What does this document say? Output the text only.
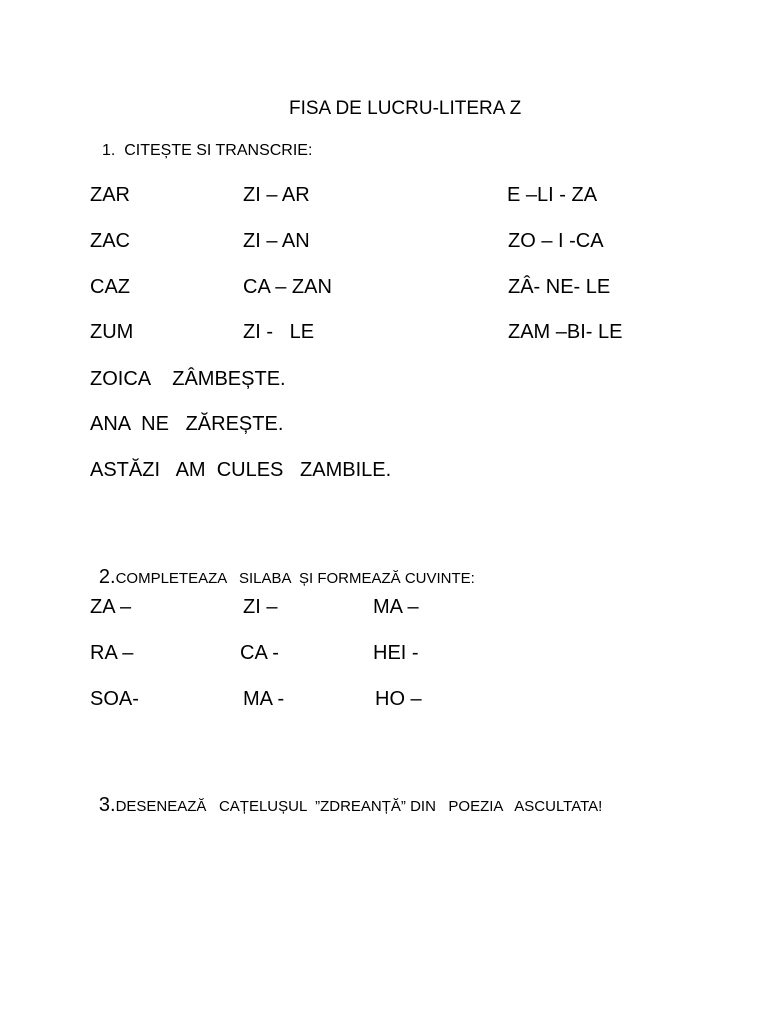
FISA DE LUCRU-LITERA Z
1.  CITEȘTE SI TRANSCRIE:
ZAR	ZI – AR	E –LI - ZA
ZAC	ZI – AN	ZO – I -CA
CAZ	CA – ZAN	ZÂ- NE- LE
ZUM	ZI -   LE	ZAM –BI- LE
ZOICA    ZÂMBEȘTE.
ANA  NE   ZĂREȘTE.
ASTĂZI   AM  CULES   ZAMBILE.

2.COMPLETEAZA   SILABA  ȘI FORMEAZĂ CUVINTE:

ZA –	ZI –	MA –
RA –	CA -	HEI -
SOA-	MA -	HO –

3.DESENEAZĂ   CAȚELUȘUL  ”ZDREANȚĂ” DIN   POEZIA   ASCULTATA!
